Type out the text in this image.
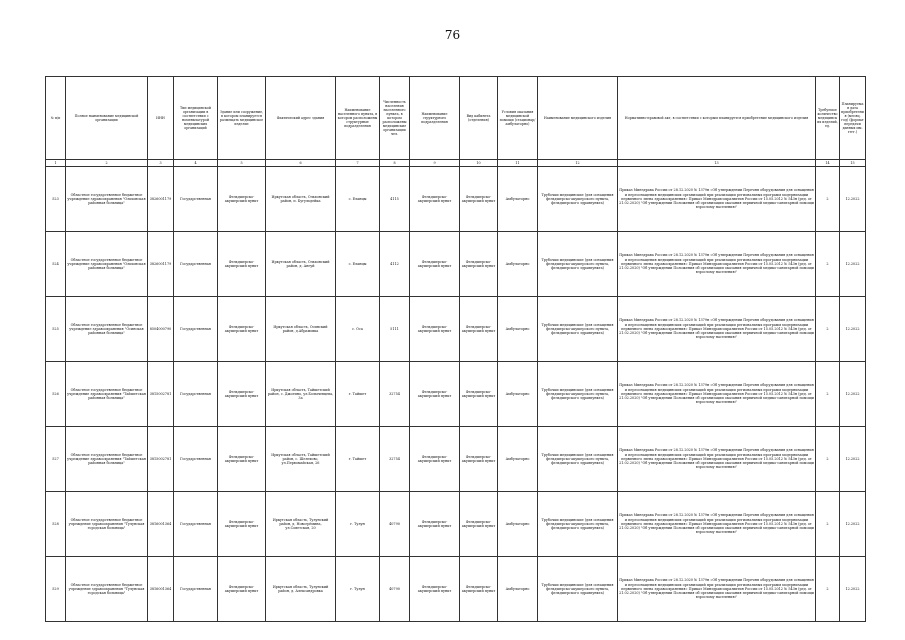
76
№ п/п	Полное наименование медицинской организации	ИНН	Тип медицинской организации в соответствии с номенклатурой медицинских организаций	Здание или сооружение, в котором планируется размещать медицинское изделие	Фактический адрес здания	Наименование населенного пункта, в котором расположены структурные подразделения	Численность населения населенного пункта, в котором расположены медицинские организации чел.	Наименование структурного подразделения	Вид кабинета (отделения)	Условия оказания медицинской помощи (стационар/амбулаторно)	Наименование медицинского изделия	Нормативно-правовой акт, в соответствии с которым планируется приобретение медицинского изделия	Требуемое количество медицинских изделий, ед.	Планируемая дата приобретения (месяц, год) (формат передачи данных мм. гггг.)
1	2	3	4	5	6	7	8	9	10	11	12	13	14	15
523	Областное государственное бюджетное учреждение здравоохранения "Ольхонская районная больница"	3826001179	Государственная	Фельдшерско-акушерский пункт	Иркутская область, Ольхонский район, п. Бугульдейка	с. Еланцы	4115	Фельдшерско-акушерский пункт	Фельдшерско-акушерский пункт	Амбулаторно	Трубочки медицинские (для оснащения фельдшерско-акушерского пункта, фельдшерского здравпункта)	Приказ Минздрава России от 28.12.2020 № 1379н «Об утверждении Перечня оборудования для оснащения и переоснащения медицинских организаций при реализации региональных программ модернизации первичного звена здравоохранения» Приказ Минздравсоцразвития России от 15.05.2012 № 543н (ред. от 21.02.2020) "Об утверждении Положения об организации оказания первичной медико-санитарной помощи взрослому населению"	2	12.2022
524	Областное государственное бюджетное учреждение здравоохранения "Ольхонская районная больница"	3826001179	Государственная	Фельдшерско-акушерский пункт	Иркутская область, Ольхонский район, д. Ангуй	с. Еланцы	4112	Фельдшерско-акушерский пункт	Фельдшерско-акушерский пункт	Амбулаторно	Трубочки медицинские (для оснащения фельдшерско-акушерского пункта, фельдшерского здравпункта)	Приказ Минздрава России от 28.12.2020 № 1379н «Об утверждении Перечня оборудования для оснащения и переоснащения медицинских организаций при реализации региональных программ модернизации первичного звена здравоохранения» Приказ Минздравсоцразвития России от 15.05.2012 № 543н (ред. от 21.02.2020) "Об утверждении Положения об организации оказания первичной медико-санитарной помощи взрослому населению"	2	12.2022
525	Областное государственное бюджетное учреждение здравоохранения "Осинская районная больница"	8504000790	Государственная	Фельдшерско-акушерский пункт	Иркутская область, Осинский район, д.Абрамовка	с. Оса	5111	Фельдшерско-акушерский пункт	Фельдшерско-акушерский пункт	Амбулаторно	Трубочки медицинские (для оснащения фельдшерско-акушерского пункта, фельдшерского здравпункта)	Приказ Минздрава России от 28.12.2020 № 1379н «Об утверждении Перечня оборудования для оснащения и переоснащения медицинских организаций при реализации региональных программ модернизации первичного звена здравоохранения» Приказ Минздравсоцразвития России от 15.05.2012 № 543н (ред. от 21.02.2020) "Об утверждении Положения об организации оказания первичной медико-санитарной помощи взрослому населению"	2	12.2022
526	Областное государственное бюджетное учреждение здравоохранения "Тайшетская районная больница"	3815002781	Государственная	Фельдшерско-акушерский пункт	Иркутская область, Тайшетский район, с. Джогино, ул.Болычевцева, 3а	г. Тайшет	32754	Фельдшерско-акушерский пункт	Фельдшерско-акушерский пункт	Амбулаторно	Трубочки медицинские (для оснащения фельдшерско-акушерского пункта, фельдшерского здравпункта)	Приказ Минздрава России от 28.12.2020 № 1379н «Об утверждении Перечня оборудования для оснащения и переоснащения медицинских организаций при реализации региональных программ модернизации первичного звена здравоохранения» Приказ Минздравсоцразвития России от 15.05.2012 № 543н (ред. от 21.02.2020) "Об утверждении Положения об организации оказания первичной медико-санитарной помощи взрослому населению"	2	12.2022
527	Областное государственное бюджетное учреждение здравоохранения "Тайшетская районная больница"	3815002781	Государственная	Фельдшерско-акушерский пункт	Иркутская область, Тайшетский район, с. Шелехово, ул.Первомайская, 26	г. Тайшет	32754	Фельдшерско-акушерский пункт	Фельдшерско-акушерский пункт	Амбулаторно	Трубочки медицинские (для оснащения фельдшерско-акушерского пункта, фельдшерского здравпункта)	Приказ Минздрава России от 28.12.2020 № 1379н «Об утверждении Перечня оборудования для оснащения и переоснащения медицинских организаций при реализации региональных программ модернизации первичного звена здравоохранения» Приказ Минздравсоцразвития России от 15.05.2012 № 543н (ред. от 21.02.2020) "Об утверждении Положения об организации оказания первичной медико-санитарной помощи взрослому населению"	2	12.2022
528	Областное государственное бюджетное учреждение здравоохранения "Тулунская городская больница"	3816001364	Государственная	Фельдшерско-акушерский пункт	Иркутская область, Тулунский район, д. Новогрёмина, ул.Советская, 20	г. Тулун	40790	Фельдшерско-акушерский пункт	Фельдшерско-акушерский пункт	Амбулаторно	Трубочки медицинские (для оснащения фельдшерско-акушерского пункта, фельдшерского здравпункта)	Приказ Минздрава России от 28.12.2020 № 1379н «Об утверждении Перечня оборудования для оснащения и переоснащения медицинских организаций при реализации региональных программ модернизации первичного звена здравоохранения» Приказ Минздравсоцразвития России от 15.05.2012 № 543н (ред. от 21.02.2020) "Об утверждении Положения об организации оказания первичной медико-санитарной помощи взрослому населению"	2	12.2022
529	Областное государственное бюджетное учреждение здравоохранения "Тулунская городская больница"	3816001364	Государственная	Фельдшерско-акушерский пункт	Иркутская область, Тулунский район, д. Александровка	г. Тулун	40790	Фельдшерско-акушерский пункт	Фельдшерско-акушерский пункт	Амбулаторно	Трубочки медицинские (для оснащения фельдшерско-акушерского пункта, фельдшерского здравпункта)	Приказ Минздрава России от 28.12.2020 № 1379н «Об утверждении Перечня оборудования для оснащения и переоснащения медицинских организаций при реализации региональных программ модернизации первичного звена здравоохранения» Приказ Минздравсоцразвития России от 15.05.2012 № 543н (ред. от 21.02.2020) "Об утверждении Положения об организации оказания первичной медико-санитарной помощи взрослому населению"	2	12.2022
